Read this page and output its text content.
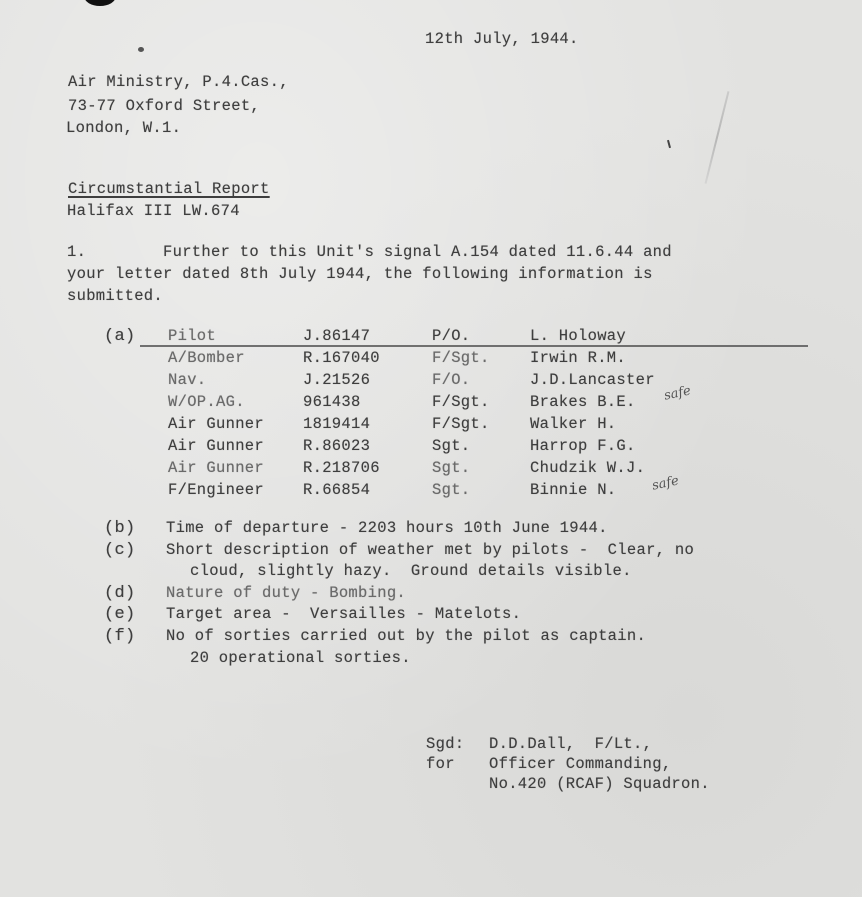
12th July, 1944.
Air Ministry, P.4.Cas.,
73-77 Oxford Street,
London, W.1.
Circumstantial Report
Halifax III LW.674
1.	Further to this Unit's signal A.154 dated 11.6.44 and
your letter dated 8th July 1944, the following information is
submitted.
(a) Pilot	J.86147	P/O.	L. Holoway
A/Bomber	R.167040	F/Sgt.	Irwin R.M.
Nav.	J.21526	F/O.	J.D.Lancaster
W/OP.AG.	961438	F/Sgt.	Brakes B.E. safe
Air Gunner	1819414	F/Sgt.	Walker H.
Air Gunner	R.86023	Sgt.	Harrop F.G.
Air Gunner	R.218706	Sgt.	Chudzik W.J.
F/Engineer	R.66854	Sgt.	Binnie N.	safe
(b) Time of departure - 2203 hours 10th June 1944.
(c) Short description of weather met by pilots -  Clear, no
cloud, slightly hazy.  Ground details visible.
(d) Nature of duty - Bombing.
(e) Target area -  Versailles - Matelots.
(f) No of sorties carried out by the pilot as captain.
20 operational sorties.
Sgd: D.D.Dall,  F/Lt.,
for Officer Commanding,
No.420 (RCAF) Squadron.
